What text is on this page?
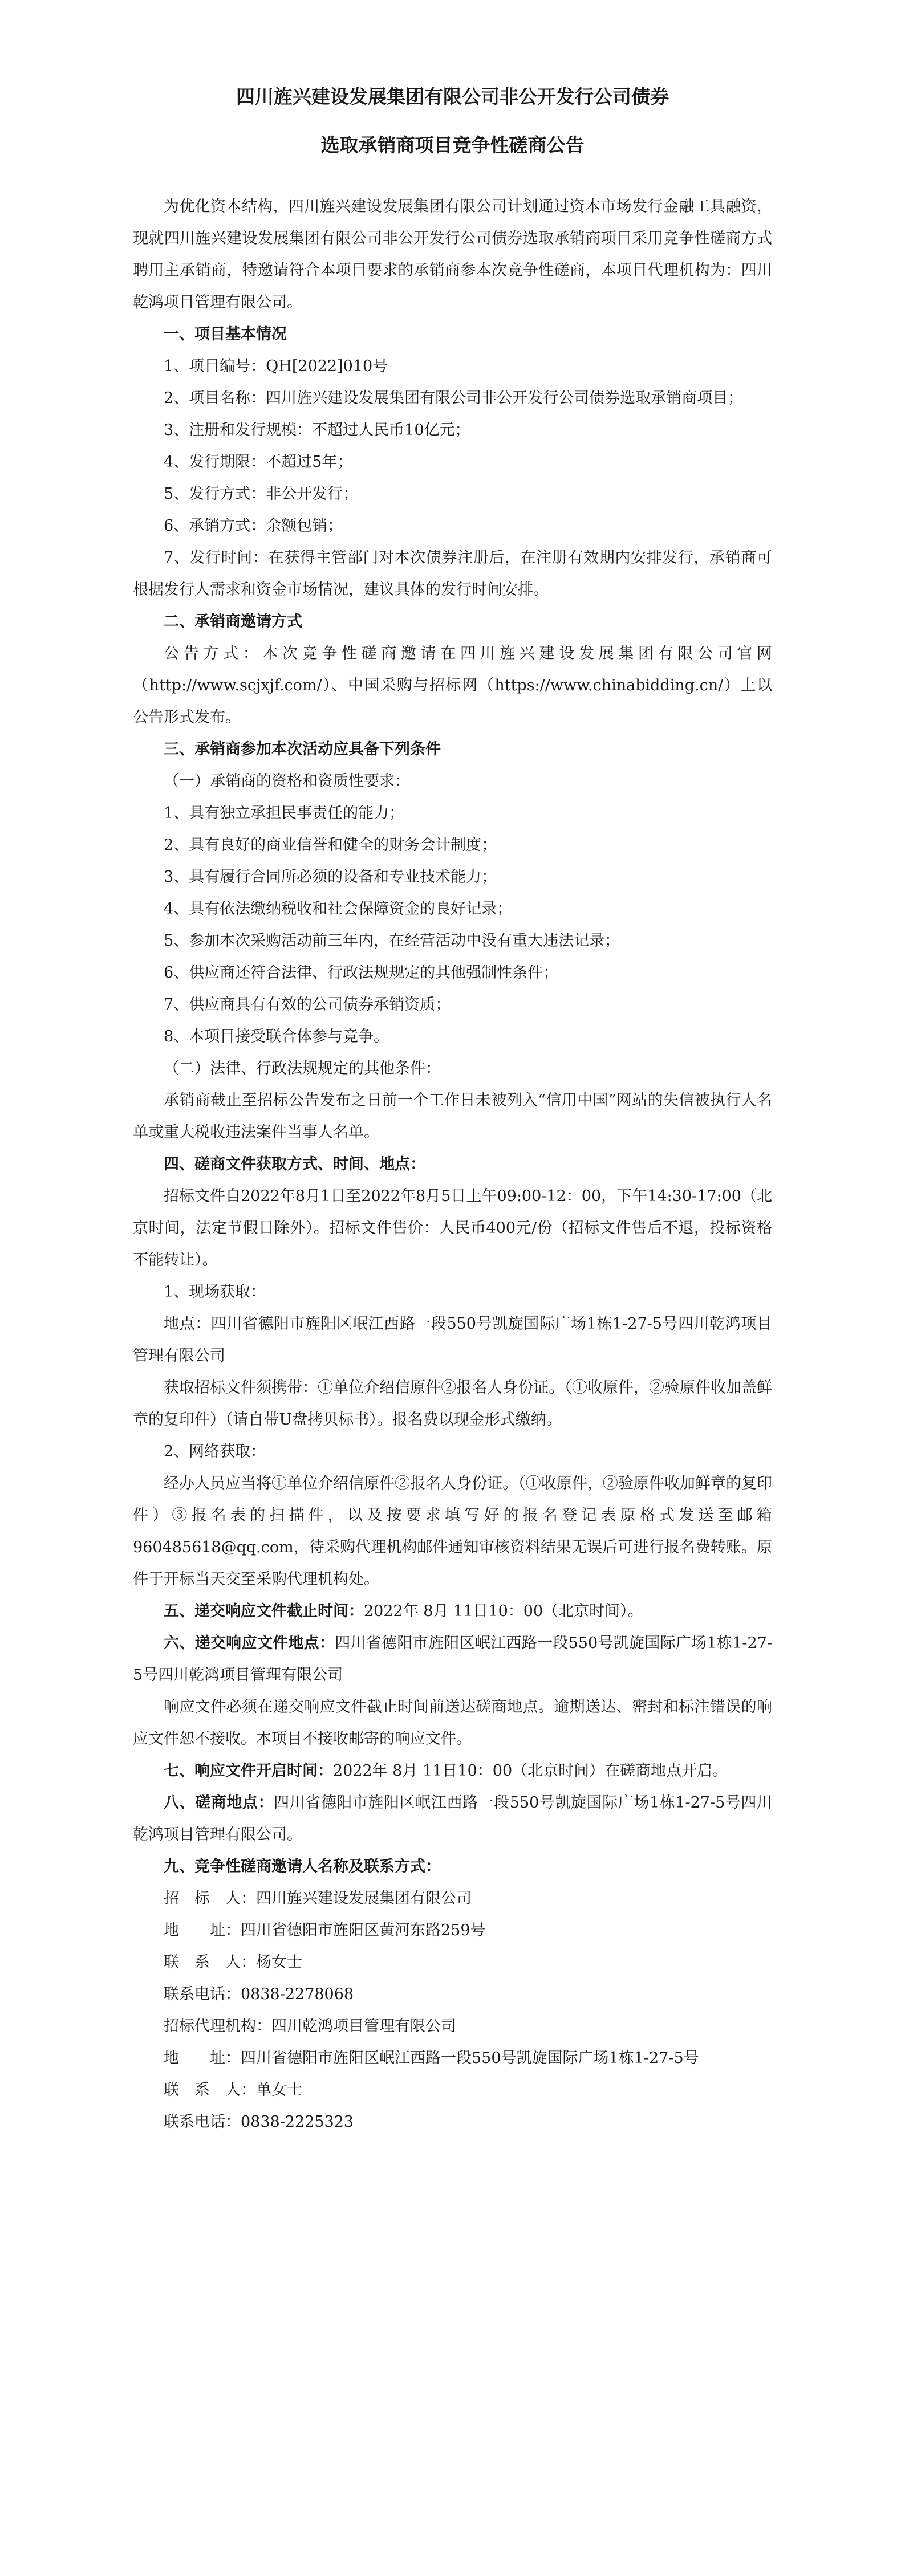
四川旌兴建设发展集团有限公司非公开发行公司债券
选取承销商项目竞争性磋商公告

为优化资本结构，四川旌兴建设发展集团有限公司计划通过资本市场发行金融工具融资，现就四川旌兴建设发展集团有限公司非公开发行公司债券选取承销商项目采用竞争性磋商方式聘用主承销商，特邀请符合本项目要求的承销商参本次竞争性磋商，本项目代理机构为：四川乾鸿项目管理有限公司。

一、项目基本情况

1、项目编号：QH[2022]010号

2、项目名称：四川旌兴建设发展集团有限公司非公开发行公司债券选取承销商项目；

3、注册和发行规模：不超过人民币10亿元；

4、发行期限：不超过5年；

5、发行方式：非公开发行；

6、承销方式：余额包销；

7、发行时间：在获得主管部门对本次债券注册后，在注册有效期内安排发行，承销商可根据发行人需求和资金市场情况，建议具体的发行时间安排。

二、承销商邀请方式

公告方式：本次竞争性磋商邀请在四川旌兴建设发展集团有限公司官网（http://www.scjxjf.com/）、中国采购与招标网（https://www.chinabidding.cn/）上以公告形式发布。

三、承销商参加本次活动应具备下列条件

（一）承销商的资格和资质性要求：

1、具有独立承担民事责任的能力；

2、具有良好的商业信誉和健全的财务会计制度；

3、具有履行合同所必须的设备和专业技术能力；

4、具有依法缴纳税收和社会保障资金的良好记录；

5、参加本次采购活动前三年内，在经营活动中没有重大违法记录；

6、供应商还符合法律、行政法规规定的其他强制性条件；

7、供应商具有有效的公司债券承销资质；

8、本项目接受联合体参与竞争。

（二）法律、行政法规规定的其他条件：

承销商截止至招标公告发布之日前一个工作日未被列入“信用中国”网站的失信被执行人名单或重大税收违法案件当事人名单。

四、磋商文件获取方式、时间、地点：

招标文件自2022年8月1日至2022年8月5日上午09:00-12：00，下午14:30-17:00（北京时间，法定节假日除外）。招标文件售价：人民币400元/份（招标文件售后不退，投标资格不能转让）。

1、现场获取：

地点：四川省德阳市旌阳区岷江西路一段550号凯旋国际广场1栋1-27-5号四川乾鸿项目管理有限公司

获取招标文件须携带：①单位介绍信原件②报名人身份证。（①收原件，②验原件收加盖鲜章的复印件）（请自带U盘拷贝标书）。报名费以现金形式缴纳。

2、网络获取：

经办人员应当将①单位介绍信原件②报名人身份证。（①收原件，②验原件收加鲜章的复印件）③报名表的扫描件，以及按要求填写好的报名登记表原格式发送至邮箱960485618@qq.com，待采购代理机构邮件通知审核资料结果无误后可进行报名费转账。原件于开标当天交至采购代理机构处。

五、递交响应文件截止时间：2022年 8月 11日10：00（北京时间）。

六、递交响应文件地点：四川省德阳市旌阳区岷江西路一段550号凯旋国际广场1栋1-27-5号四川乾鸿项目管理有限公司

响应文件必须在递交响应文件截止时间前送达磋商地点。逾期送达、密封和标注错误的响应文件恕不接收。本项目不接收邮寄的响应文件。

七、响应文件开启时间：2022年 8月 11日10：00（北京时间）在磋商地点开启。

八、磋商地点：四川省德阳市旌阳区岷江西路一段550号凯旋国际广场1栋1-27-5号四川乾鸿项目管理有限公司。

九、竞争性磋商邀请人名称及联系方式：

招　标　人：四川旌兴建设发展集团有限公司

地　　址：四川省德阳市旌阳区黄河东路259号

联　系　人：杨女士

联系电话：0838-2278068

招标代理机构：四川乾鸿项目管理有限公司

地　　址：四川省德阳市旌阳区岷江西路一段550号凯旋国际广场1栋1-27-5号

联　系　人：单女士

联系电话：0838-2225323
